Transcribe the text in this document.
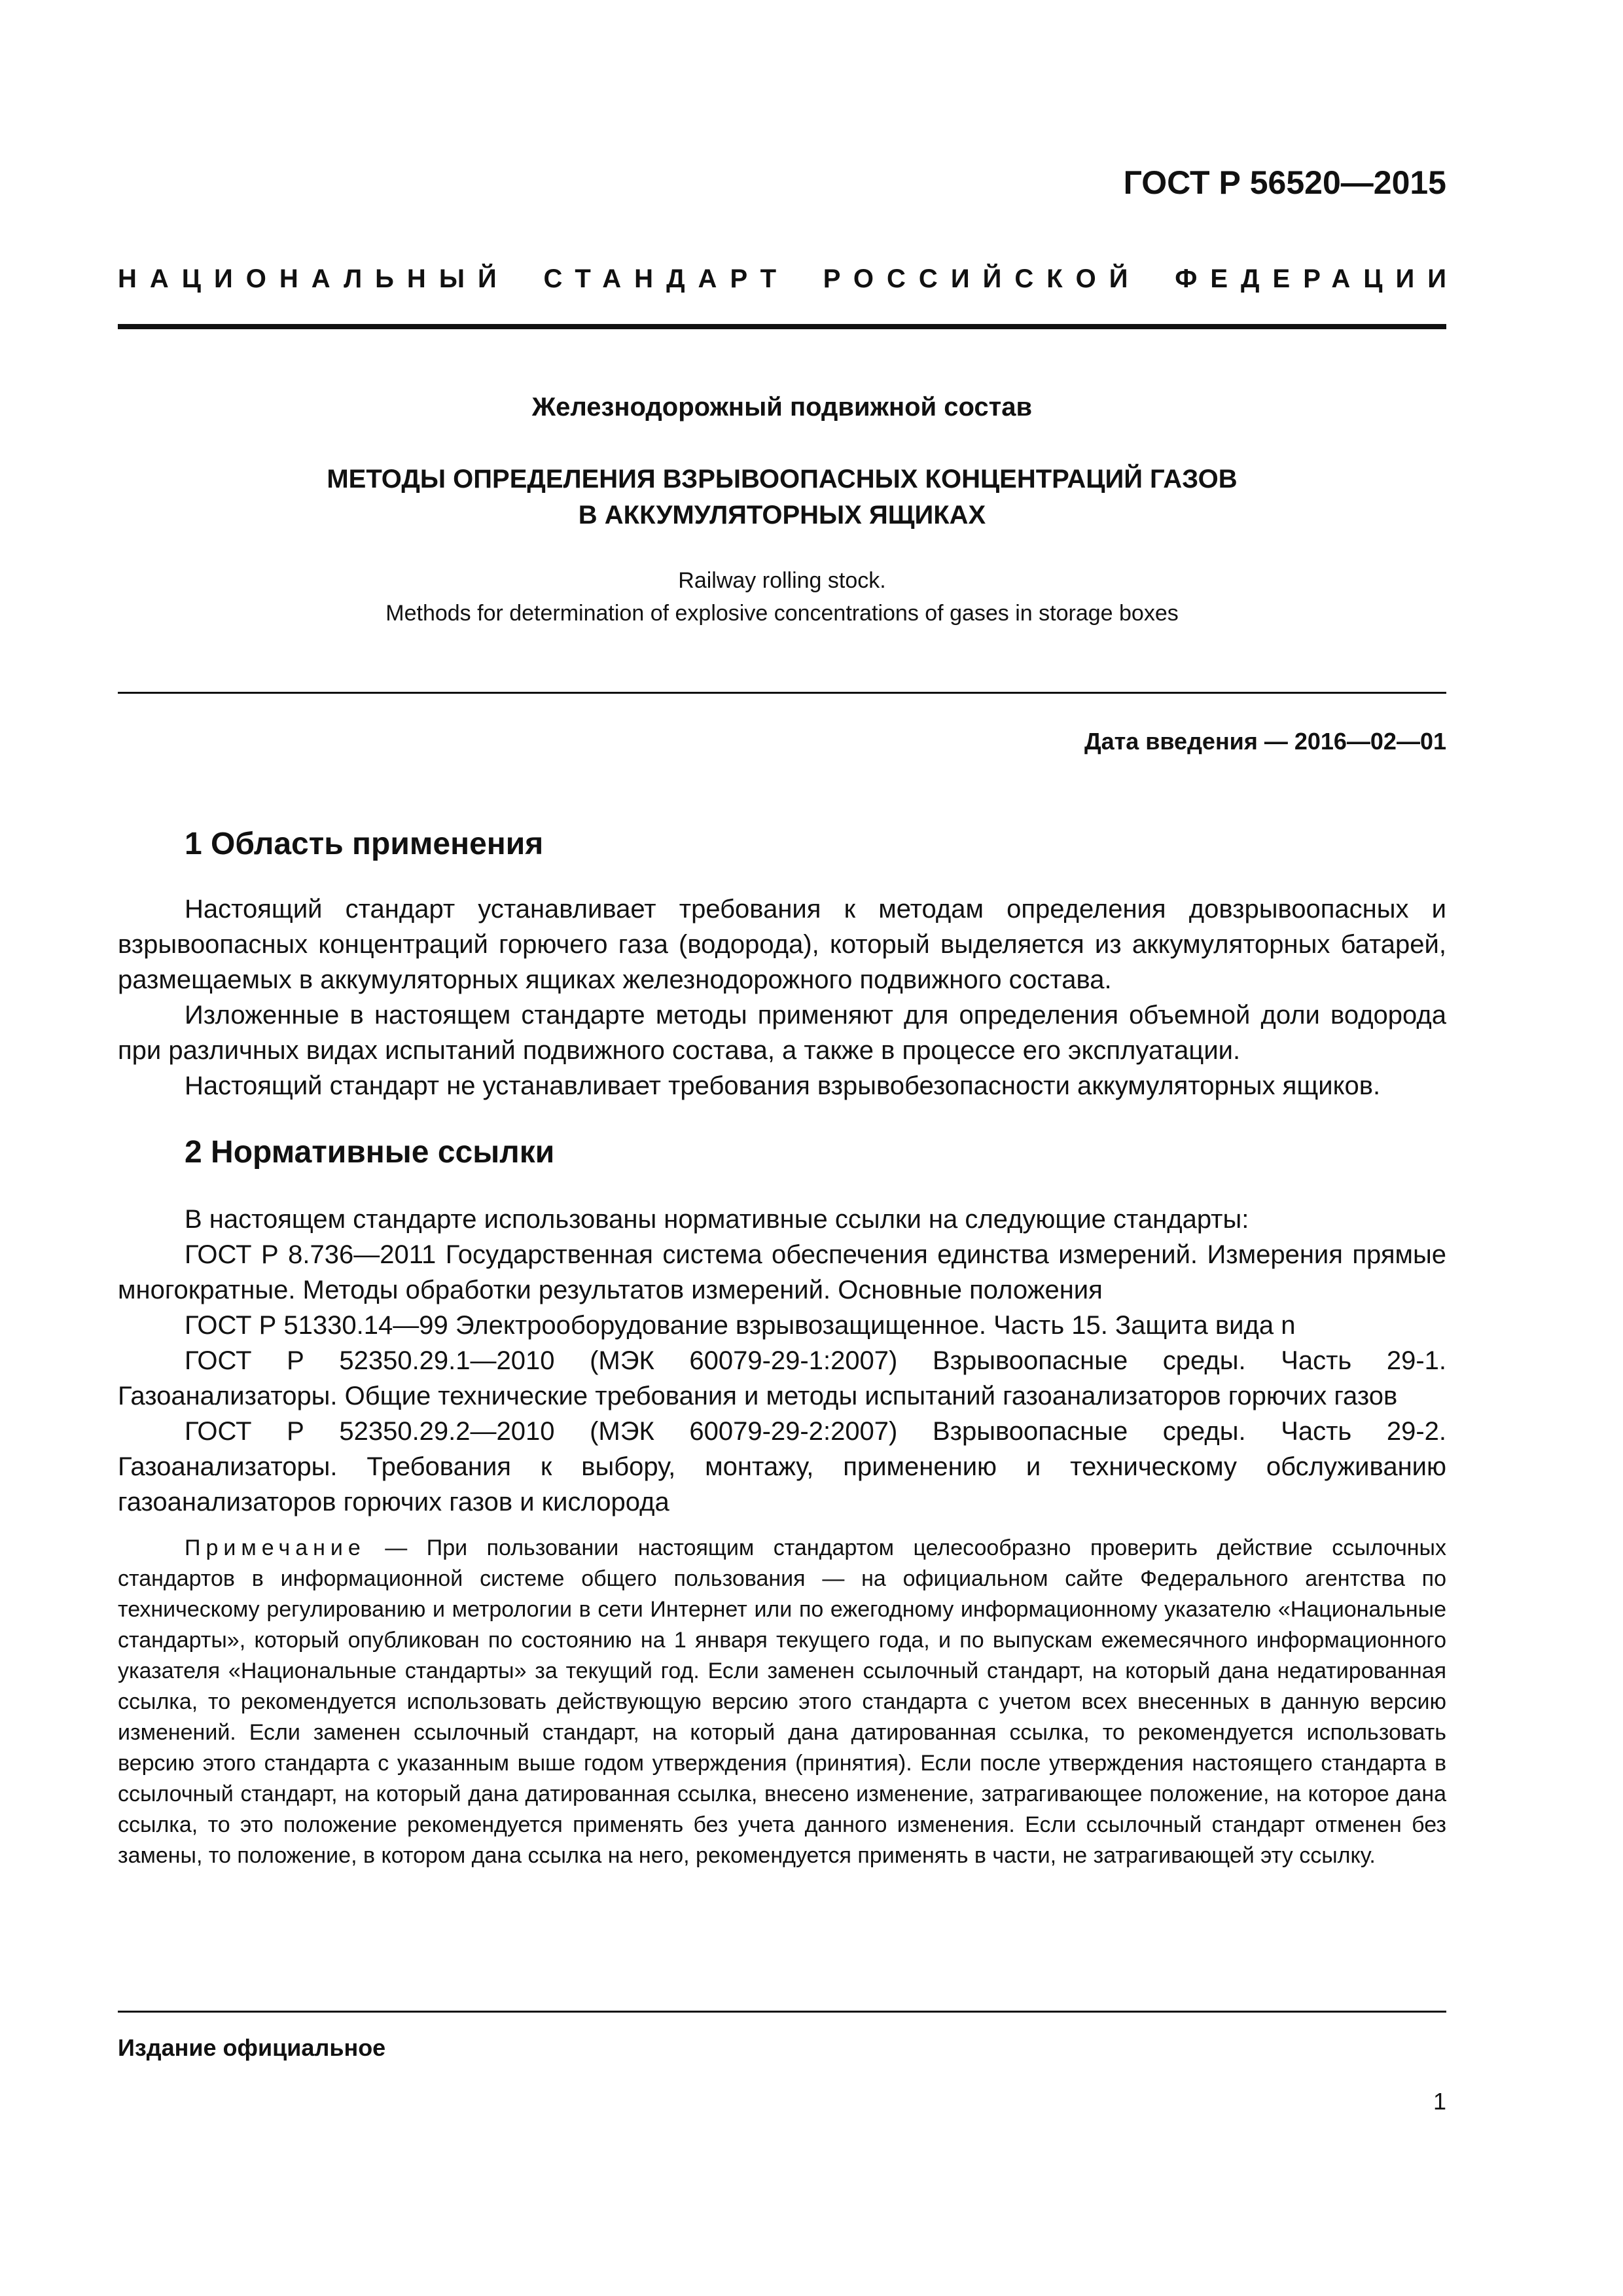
ГОСТ Р 56520—2015
НАЦИОНАЛЬНЫЙ СТАНДАРТ РОССИЙСКОЙ ФЕДЕРАЦИИ
Железнодорожный подвижной состав
МЕТОДЫ ОПРЕДЕЛЕНИЯ ВЗРЫВООПАСНЫХ КОНЦЕНТРАЦИЙ ГАЗОВ
В АККУМУЛЯТОРНЫХ ЯЩИКАХ
Railway rolling stock.
Methods for determination of explosive concentrations of gases in storage boxes
Дата введения — 2016—02—01
1 Область применения

Настоящий стандарт устанавливает требования к методам определения довзрывоопасных и взрывоопасных концентраций горючего газа (водорода), который выделяется из аккумуляторных батарей, размещаемых в аккумуляторных ящиках железнодорожного подвижного состава.

Изложенные в настоящем стандарте методы применяют для определения объемной доли водорода при различных видах испытаний подвижного состава, а также в процессе его эксплуатации.

Настоящий стандарт не устанавливает требования взрывобезопасности аккумуляторных ящиков.

2 Нормативные ссылки

В настоящем стандарте использованы нормативные ссылки на следующие стандарты:

ГОСТ Р 8.736—2011 Государственная система обеспечения единства измерений. Измерения прямые многократные. Методы обработки результатов измерений. Основные положения

ГОСТ Р 51330.14—99 Электрооборудование взрывозащищенное. Часть 15. Защита вида n

ГОСТ Р 52350.29.1—2010 (МЭК 60079-29-1:2007) Взрывоопасные среды. Часть 29-1. Газоанализаторы. Общие технические требования и методы испытаний газоанализаторов горючих газов

ГОСТ Р 52350.29.2—2010 (МЭК 60079-29-2:2007) Взрывоопасные среды. Часть 29-2. Газоанализаторы. Требования к выбору, монтажу, применению и техническому обслуживанию газоанализаторов горючих газов и кислорода

Примечание — При пользовании настоящим стандартом целесообразно проверить действие ссылочных стандартов в информационной системе общего пользования — на официальном сайте Федерального агентства по техническому регулированию и метрологии в сети Интернет или по ежегодному информационному указателю «Национальные стандарты», который опубликован по состоянию на 1 января текущего года, и по выпускам ежемесячного информационного указателя «Национальные стандарты» за текущий год. Если заменен ссылочный стандарт, на который дана недатированная ссылка, то рекомендуется использовать действующую версию этого стандарта с учетом всех внесенных в данную версию изменений. Если заменен ссылочный стандарт, на который дана датированная ссылка, то рекомендуется использовать версию этого стандарта с указанным выше годом утверждения (принятия). Если после утверждения настоящего стандарта в ссылочный стандарт, на который дана датированная ссылка, внесено изменение, затрагивающее положение, на которое дана ссылка, то это положение рекомендуется применять без учета данного изменения. Если ссылочный стандарт отменен без замены, то положение, в котором дана ссылка на него, рекомендуется применять в части, не затрагивающей эту ссылку.
Издание официальное
1
